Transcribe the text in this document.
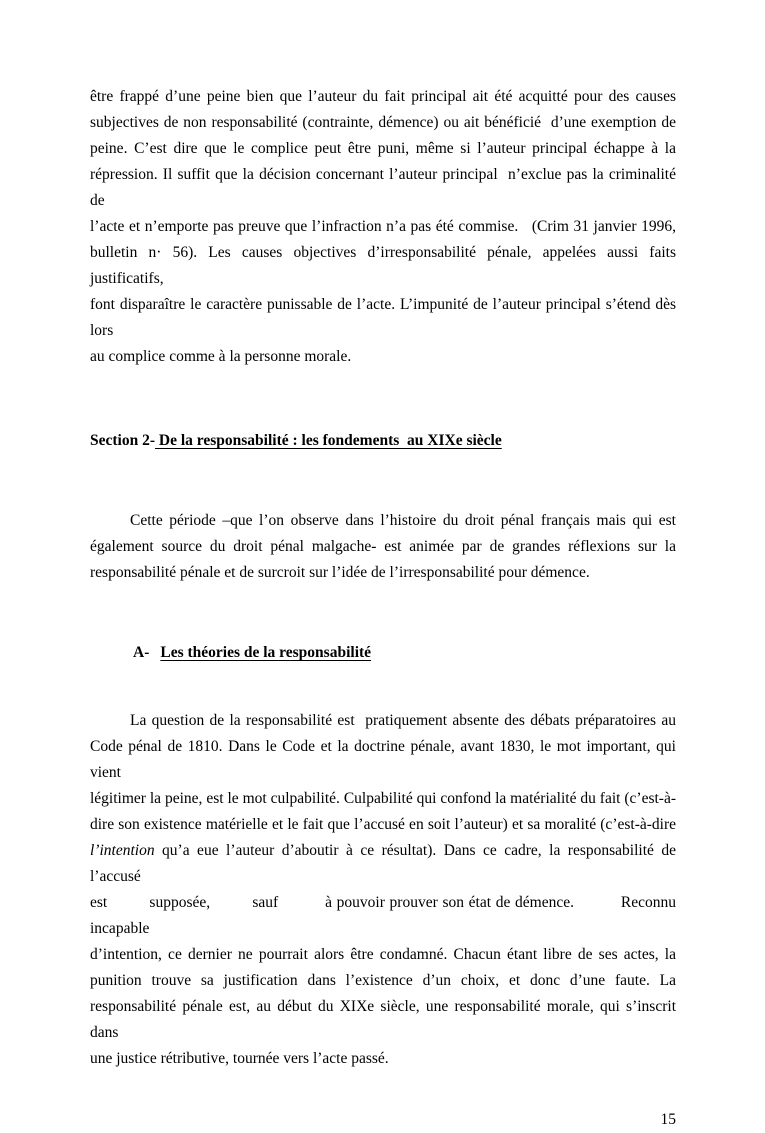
être frappé d’une peine bien que l’auteur du fait principal ait été acquitté pour des causes
subjectives de non responsabilité (contrainte, démence) ou ait bénéficié  d’une exemption de
peine. C’est dire que le complice peut être puni, même si l’auteur principal échappe à la
répression. Il suffit que la décision concernant l’auteur principal  n’exclue pas la criminalité de
l’acte et n’emporte pas preuve que l’infraction n’a pas été commise.   (Crim 31 janvier 1996,
bulletin n· 56). Les causes objectives d’irresponsabilité pénale, appelées aussi faits justificatifs,
font disparaître le caractère punissable de l’acte. L’impunité de l’auteur principal s’étend dès lors
au complice comme à la personne morale.
Section 2- De la responsabilité : les fondements  au XIXe siècle
Cette période –que l’on observe dans l’histoire du droit pénal français mais qui est
également source du droit pénal malgache- est animée par de grandes réflexions sur la
responsabilité pénale et de surcroit sur l’idée de l’irresponsabilité pour démence.
A- Les théories de la responsabilité
La question de la responsabilité est  pratiquement absente des débats préparatoires au
Code pénal de 1810. Dans le Code et la doctrine pénale, avant 1830, le mot important, qui vient
légitimer la peine, est le mot culpabilité. Culpabilité qui confond la matérialité du fait (c’est-à-
dire son existence matérielle et le fait que l’accusé en soit l’auteur) et sa moralité (c’est-à-dire
l’intention qu’a eue l’auteur d’aboutir à ce résultat). Dans ce cadre, la responsabilité de l’accusé
est         supposée,         sauf          à pouvoir prouver son état de démence.          Reconnu incapable
d’intention, ce dernier ne pourrait alors être condamné. Chacun étant libre de ses actes, la
punition trouve sa justification dans l’existence d’un choix, et donc d’une faute. La
responsabilité pénale est, au début du XIXe siècle, une responsabilité morale, qui s’inscrit dans
une justice rétributive, tournée vers l’acte passé.
15
